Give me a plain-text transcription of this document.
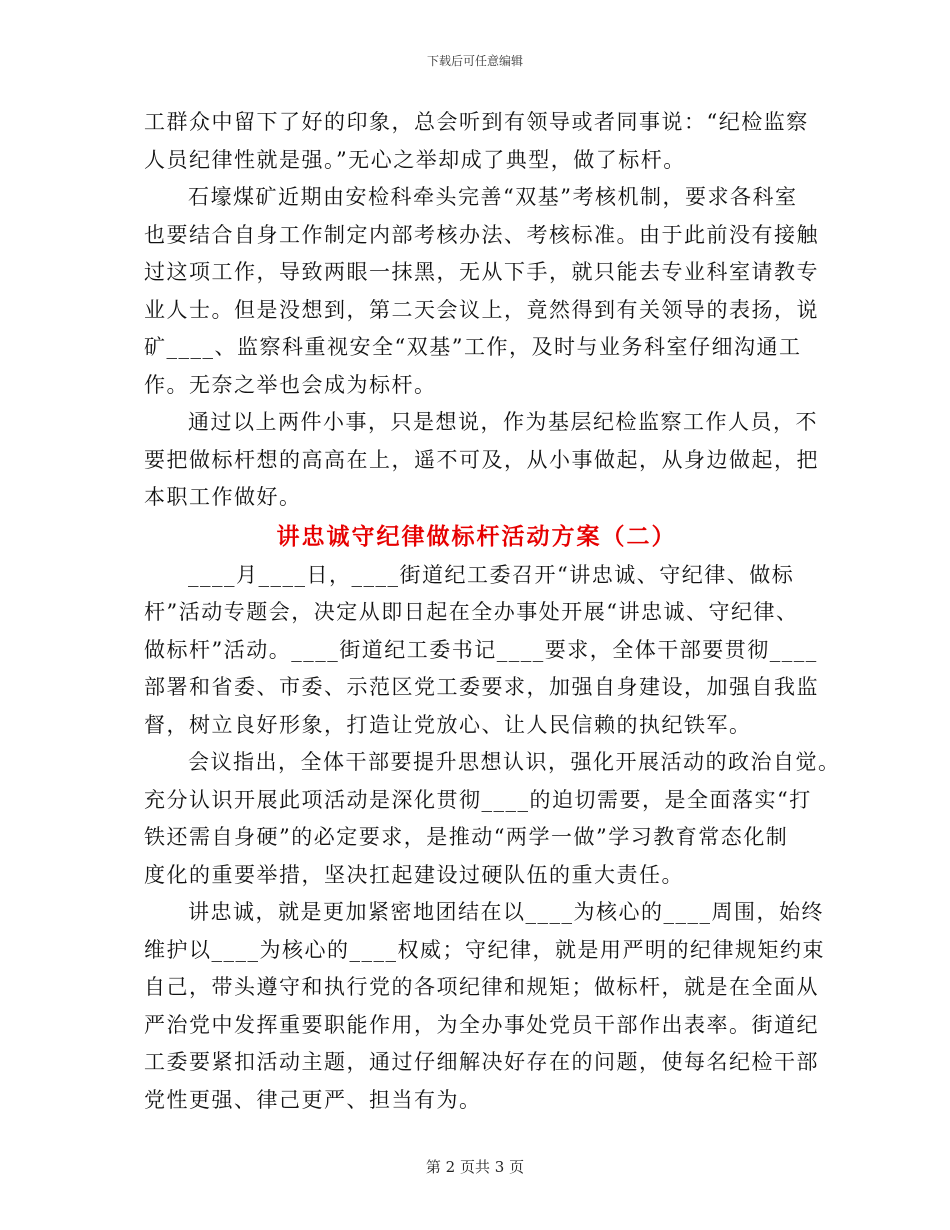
下载后可任意编辑
工群众中留下了好的印象，总会听到有领导或者同事说：“纪检监察
人员纪律性就是强。”无心之举却成了典型，做了标杆。
石壕煤矿近期由安检科牵头完善“双基”考核机制，要求各科室
也要结合自身工作制定内部考核办法、考核标准。由于此前没有接触
过这项工作，导致两眼一抹黑，无从下手，就只能去专业科室请教专
业人士。但是没想到，第二天会议上，竟然得到有关领导的表扬，说
矿____、监察科重视安全“双基”工作，及时与业务科室仔细沟通工
作。无奈之举也会成为标杆。
通过以上两件小事，只是想说，作为基层纪检监察工作人员，不
要把做标杆想的高高在上，遥不可及，从小事做起，从身边做起，把
本职工作做好。
讲忠诚守纪律做标杆活动方案（二）
____月____日，____街道纪工委召开“讲忠诚、守纪律、做标
杆”活动专题会，决定从即日起在全办事处开展“讲忠诚、守纪律、
做标杆”活动。____街道纪工委书记____要求，全体干部要贯彻____
部署和省委、市委、示范区党工委要求，加强自身建设，加强自我监
督，树立良好形象，打造让党放心、让人民信赖的执纪铁军。
会议指出，全体干部要提升思想认识，强化开展活动的政治自觉。
充分认识开展此项活动是深化贯彻____的迫切需要，是全面落实“打
铁还需自身硬”的必定要求，是推动“两学一做”学习教育常态化制
度化的重要举措，坚决扛起建设过硬队伍的重大责任。
讲忠诚，就是更加紧密地团结在以____为核心的____周围，始终
维护以____为核心的____权威；守纪律，就是用严明的纪律规矩约束
自己，带头遵守和执行党的各项纪律和规矩；做标杆，就是在全面从
严治党中发挥重要职能作用，为全办事处党员干部作出表率。街道纪
工委要紧扣活动主题，通过仔细解决好存在的问题，使每名纪检干部
党性更强、律己更严、担当有为。
第 2 页共 3 页
